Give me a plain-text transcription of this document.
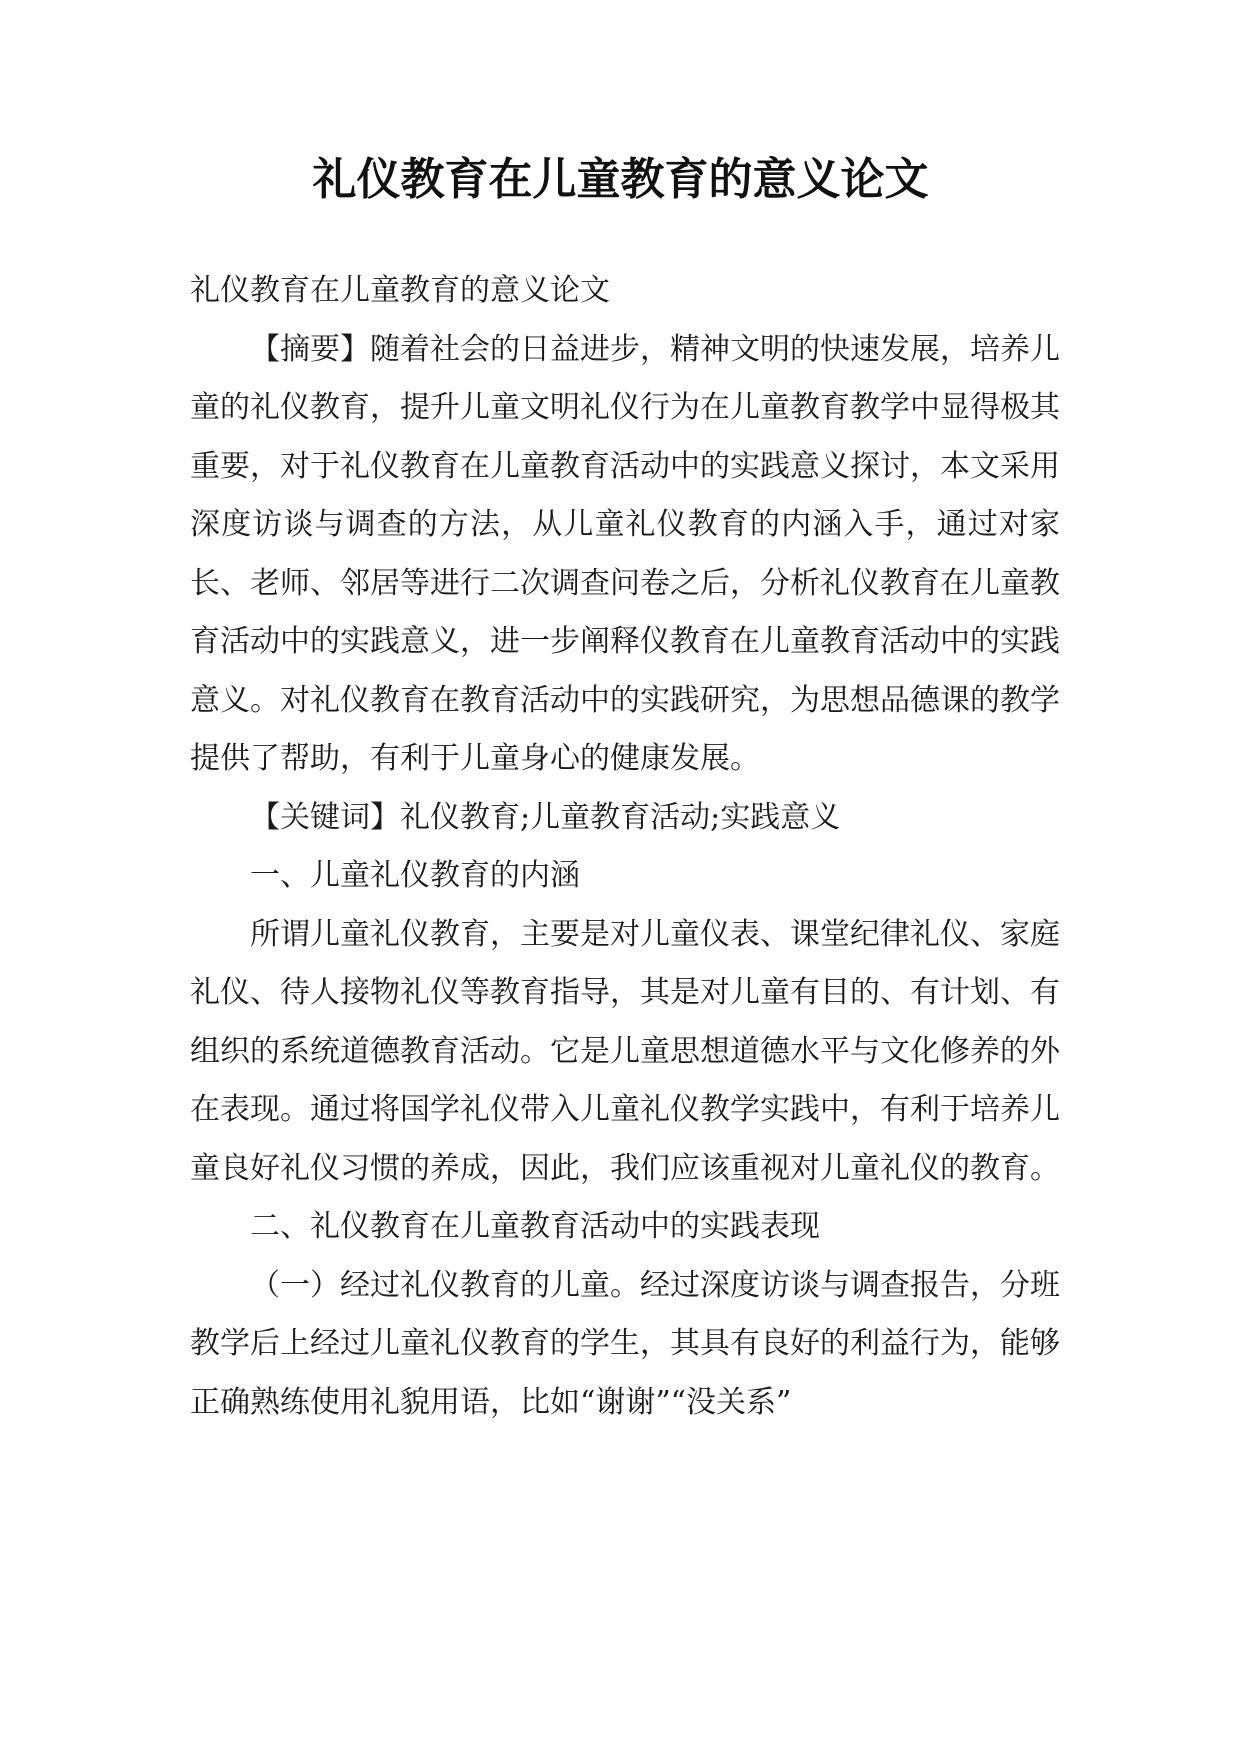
礼仪教育在儿童教育的意义论文

礼仪教育在儿童教育的意义论文

【摘要】随着社会的日益进步，精神文明的快速发展，培养儿童的礼仪教育，提升儿童文明礼仪行为在儿童教育教学中显得极其重要，对于礼仪教育在儿童教育活动中的实践意义探讨，本文采用深度访谈与调查的方法，从儿童礼仪教育的内涵入手，通过对家长、老师、邻居等进行二次调查问卷之后，分析礼仪教育在儿童教育活动中的实践意义，进一步阐释仪教育在儿童教育活动中的实践意义。对礼仪教育在教育活动中的实践研究，为思想品德课的教学提供了帮助，有利于儿童身心的健康发展。

【关键词】礼仪教育;儿童教育活动;实践意义

一、儿童礼仪教育的内涵

所谓儿童礼仪教育，主要是对儿童仪表、课堂纪律礼仪、家庭礼仪、待人接物礼仪等教育指导，其是对儿童有目的、有计划、有组织的系统道德教育活动。它是儿童思想道德水平与文化修养的外在表现。通过将国学礼仪带入儿童礼仪教学实践中，有利于培养儿童良好礼仪习惯的养成，因此，我们应该重视对儿童礼仪的教育。

二、礼仪教育在儿童教育活动中的实践表现

（一）经过礼仪教育的儿童。经过深度访谈与调查报告，分班教学后上经过儿童礼仪教育的学生，其具有良好的利益行为，能够正确熟练使用礼貌用语，比如“谢谢”“没关系”
